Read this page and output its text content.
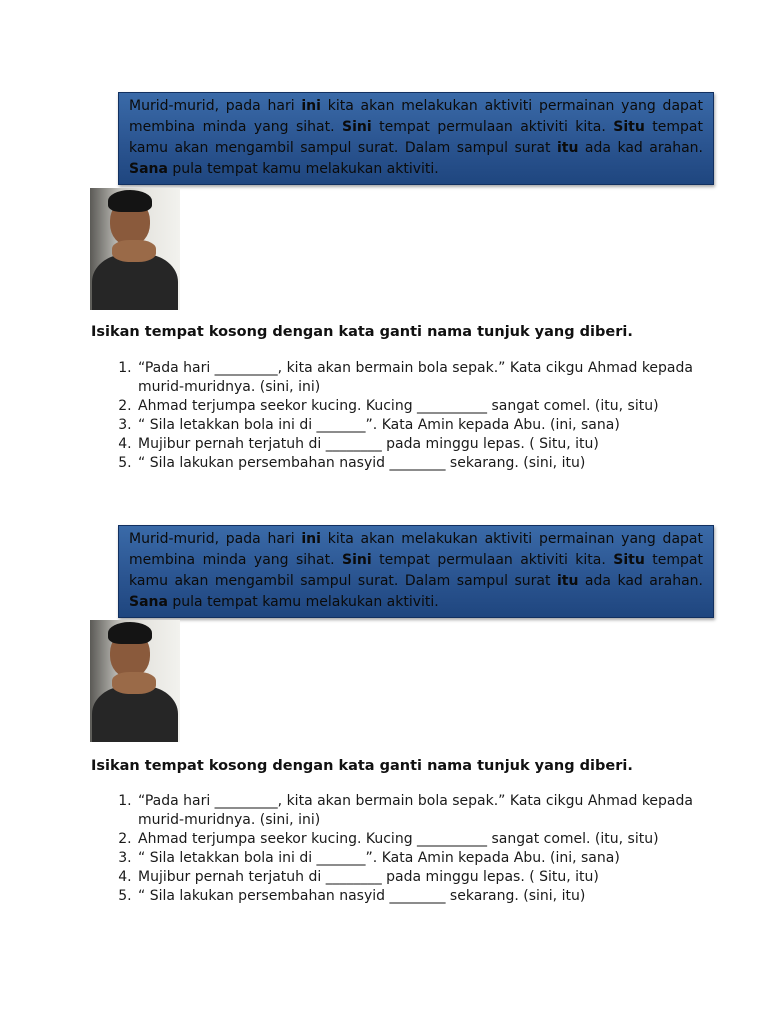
Murid-murid, pada hari ini kita akan melakukan aktiviti permainan yang dapat membina minda yang sihat. Sini tempat permulaan aktiviti kita. Situ tempat kamu akan mengambil sampul surat. Dalam sampul surat itu ada kad arahan. Sana pula tempat kamu melakukan aktiviti.
Isikan tempat kosong dengan kata ganti nama tunjuk yang diberi.
1. “Pada hari _________, kita akan bermain bola sepak.” Kata cikgu Ahmad kepada murid-muridnya. (sini, ini)
2. Ahmad terjumpa seekor kucing. Kucing __________ sangat comel. (itu, situ)
3. “ Sila letakkan bola ini di _______”. Kata Amin kepada Abu. (ini, sana)
4. Mujibur pernah terjatuh di ________ pada minggu lepas. ( Situ, itu)
5. “ Sila lakukan persembahan nasyid ________ sekarang. (sini, itu)
Murid-murid, pada hari ini kita akan melakukan aktiviti permainan yang dapat membina minda yang sihat. Sini tempat permulaan aktiviti kita. Situ tempat kamu akan mengambil sampul surat. Dalam sampul surat itu ada kad arahan. Sana pula tempat kamu melakukan aktiviti.
Isikan tempat kosong dengan kata ganti nama tunjuk yang diberi.
1. “Pada hari _________, kita akan bermain bola sepak.” Kata cikgu Ahmad kepada murid-muridnya. (sini, ini)
2. Ahmad terjumpa seekor kucing. Kucing __________ sangat comel. (itu, situ)
3. “ Sila letakkan bola ini di _______”. Kata Amin kepada Abu. (ini, sana)
4. Mujibur pernah terjatuh di ________ pada minggu lepas. ( Situ, itu)
5. “ Sila lakukan persembahan nasyid ________ sekarang. (sini, itu)
